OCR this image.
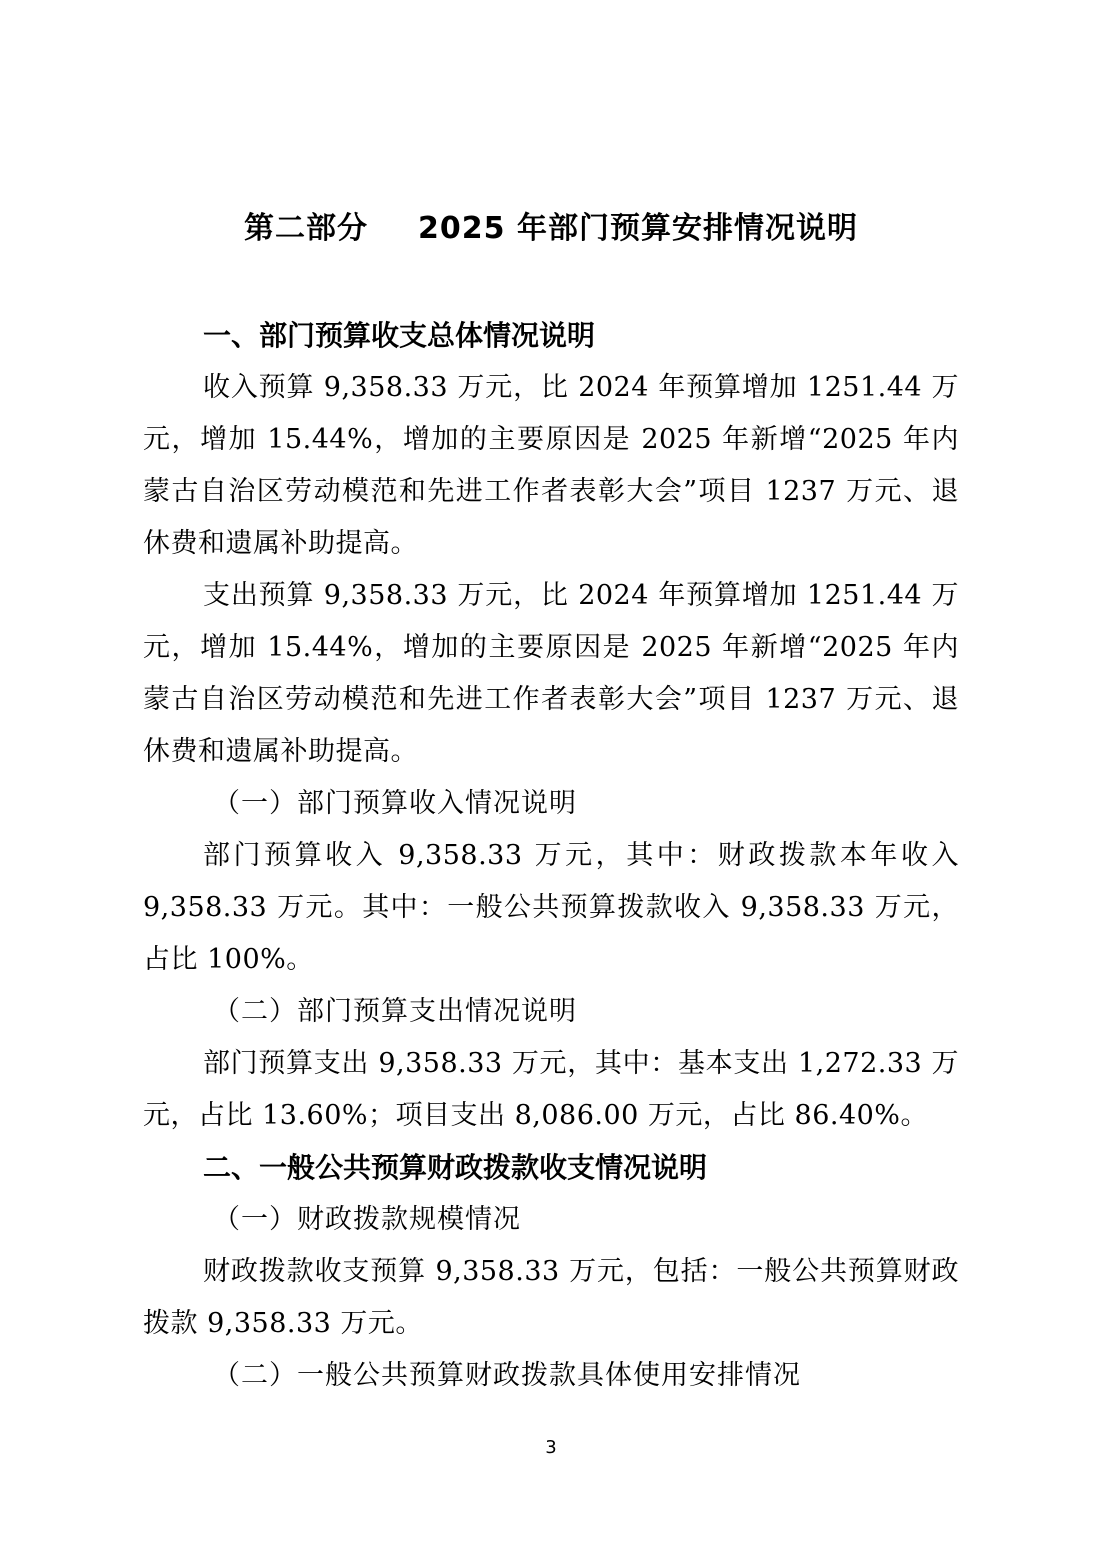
第二部分 2025 年部门预算安排情况说明

一、部门预算收支总体情况说明

收入预算 9,358.33 万元，比 2024 年预算增加 1251.44 万元，增加 15.44%，增加的主要原因是 2025 年新增“2025 年内蒙古自治区劳动模范和先进工作者表彰大会”项目 1237 万元、退休费和遗属补助提高。

支出预算 9,358.33 万元，比 2024 年预算增加 1251.44 万元，增加 15.44%，增加的主要原因是 2025 年新增“2025 年内蒙古自治区劳动模范和先进工作者表彰大会”项目 1237 万元、退休费和遗属补助提高。

（一）部门预算收入情况说明

部门预算收入 9,358.33 万元，其中：财政拨款本年收入 9,358.33 万元。其中：一般公共预算拨款收入 9,358.33 万元，占比 100%。

（二）部门预算支出情况说明

部门预算支出 9,358.33 万元，其中：基本支出 1,272.33 万元，占比 13.60%；项目支出 8,086.00 万元，占比 86.40%。

二、一般公共预算财政拨款收支情况说明

（一）财政拨款规模情况

财政拨款收支预算 9,358.33 万元，包括：一般公共预算财政拨款 9,358.33 万元。

（二）一般公共预算财政拨款具体使用安排情况

3
